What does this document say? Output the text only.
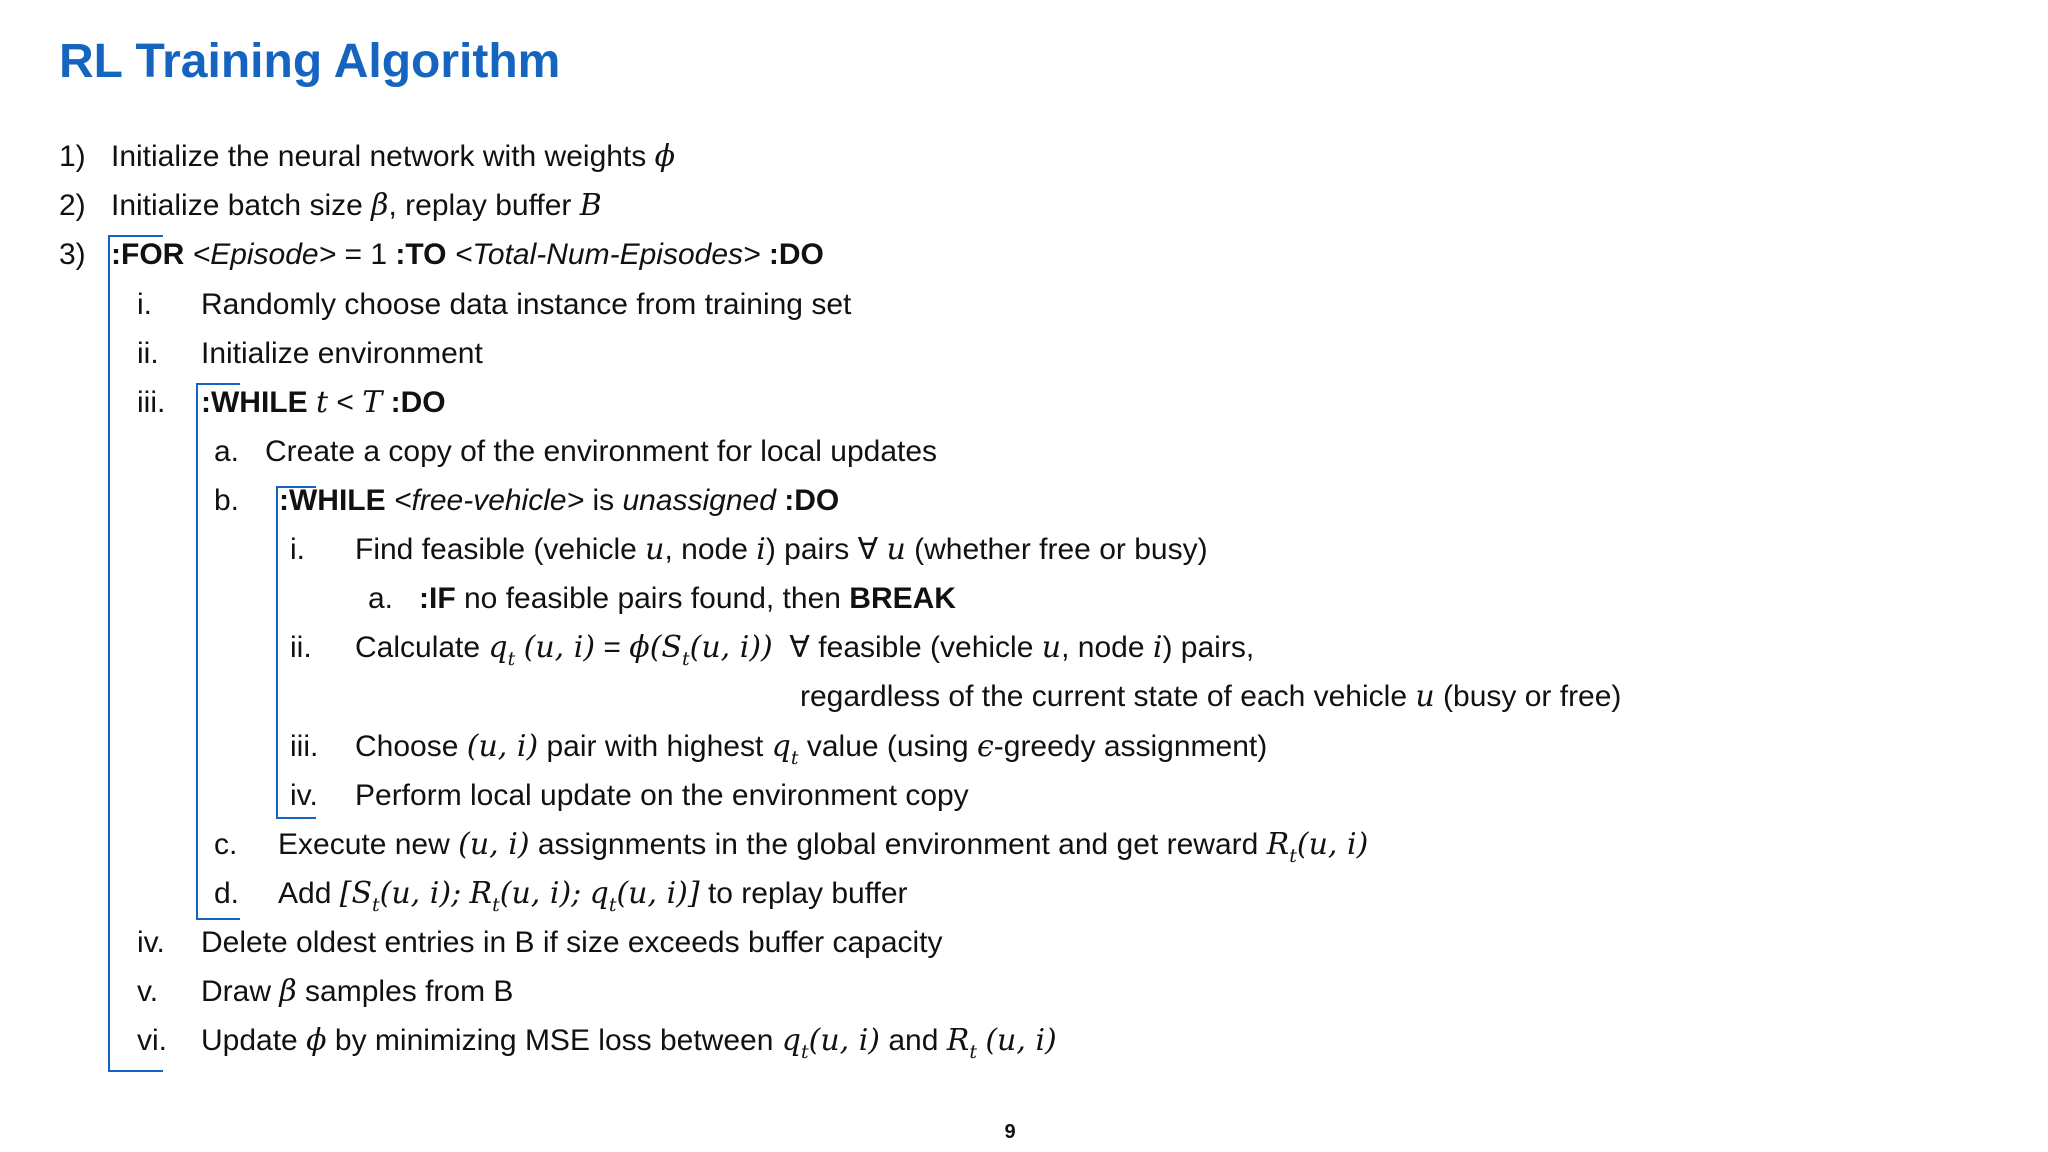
RL Training Algorithm
1) Initialize the neural network with weights ϕ
2) Initialize batch size β, replay buffer B
3) :FOR <Episode> = 1 :TO <Total-Num-Episodes> :DO
i. Randomly choose data instance from training set
ii. Initialize environment
iii. :WHILE t < T :DO
a. Create a copy of the environment for local updates
b. :WHILE <free-vehicle> is unassigned :DO
i. Find feasible (vehicle u, node i) pairs ∀ u (whether free or busy)
a. :IF no feasible pairs found, then BREAK
ii. Calculate $q_t$ (u, $i) = \phi(S_t(u$, i)) ∀ feasible (vehicle u, node i) pairs,
regardless of the current state of each vehicle u (busy or free)
iii. Choose (u, i) pair with highest $q_t$ value (using ϵ-greedy assignment)
iv. Perform local update on the environment copy
c. Execute new (u, i) assignments in the global environment and get reward $R_t(u$, i)
d. Add [$S_t(u$, i); $R_t(u$, i); $q_t(u$, i)] to replay buffer
iv. Delete oldest entries in B if size exceeds buffer capacity
v. Draw β samples from B
vi. Update ϕ by minimizing MSE loss between $q_t(u$, i) and $R_t$ (u, i)
9
